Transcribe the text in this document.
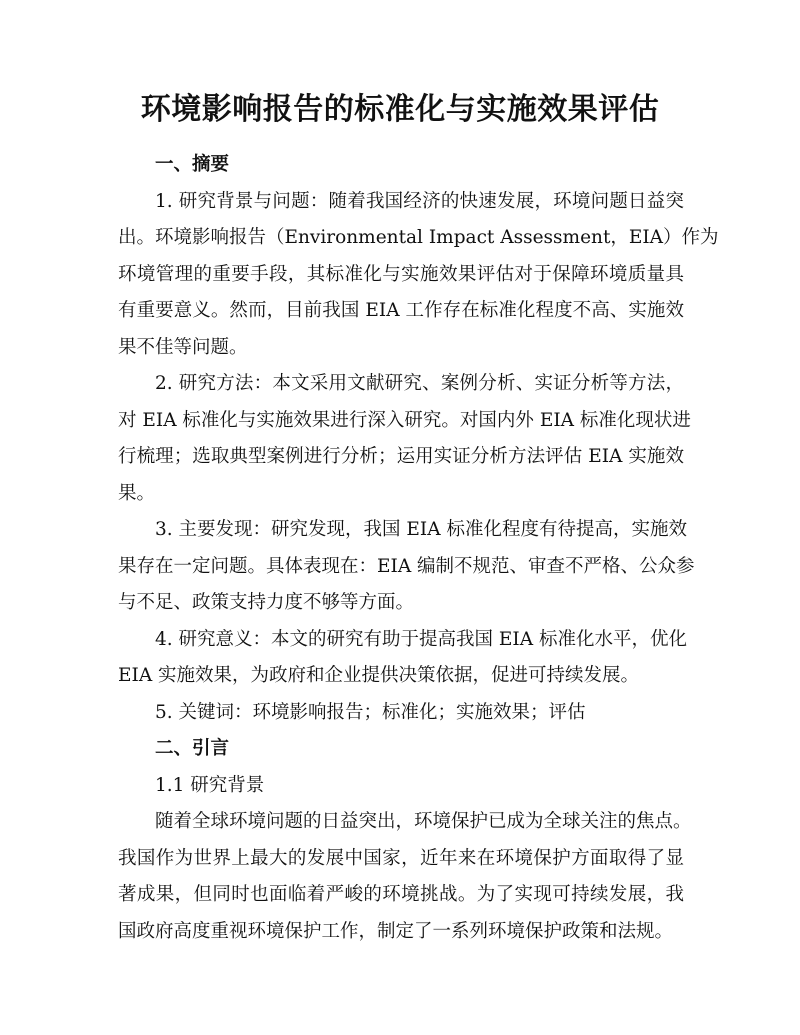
环境影响报告的标准化与实施效果评估
一、摘要
1. 研究背景与问题：随着我国经济的快速发展，环境问题日益突
出。环境影响报告（Environmental Impact Assessment，EIA）作为
环境管理的重要手段，其标准化与实施效果评估对于保障环境质量具
有重要意义。然而，目前我国 EIA 工作存在标准化程度不高、实施效
果不佳等问题。
2. 研究方法：本文采用文献研究、案例分析、实证分析等方法，
对 EIA 标准化与实施效果进行深入研究。对国内外 EIA 标准化现状进
行梳理；选取典型案例进行分析；运用实证分析方法评估 EIA 实施效
果。
3. 主要发现：研究发现，我国 EIA 标准化程度有待提高，实施效
果存在一定问题。具体表现在：EIA 编制不规范、审查不严格、公众参
与不足、政策支持力度不够等方面。
4. 研究意义：本文的研究有助于提高我国 EIA 标准化水平，优化
EIA 实施效果，为政府和企业提供决策依据，促进可持续发展。
5. 关键词：环境影响报告；标准化；实施效果；评估
二、引言
1.1 研究背景
随着全球环境问题的日益突出，环境保护已成为全球关注的焦点。
我国作为世界上最大的发展中国家，近年来在环境保护方面取得了显
著成果，但同时也面临着严峻的环境挑战。为了实现可持续发展，我
国政府高度重视环境保护工作，制定了一系列环境保护政策和法规。
